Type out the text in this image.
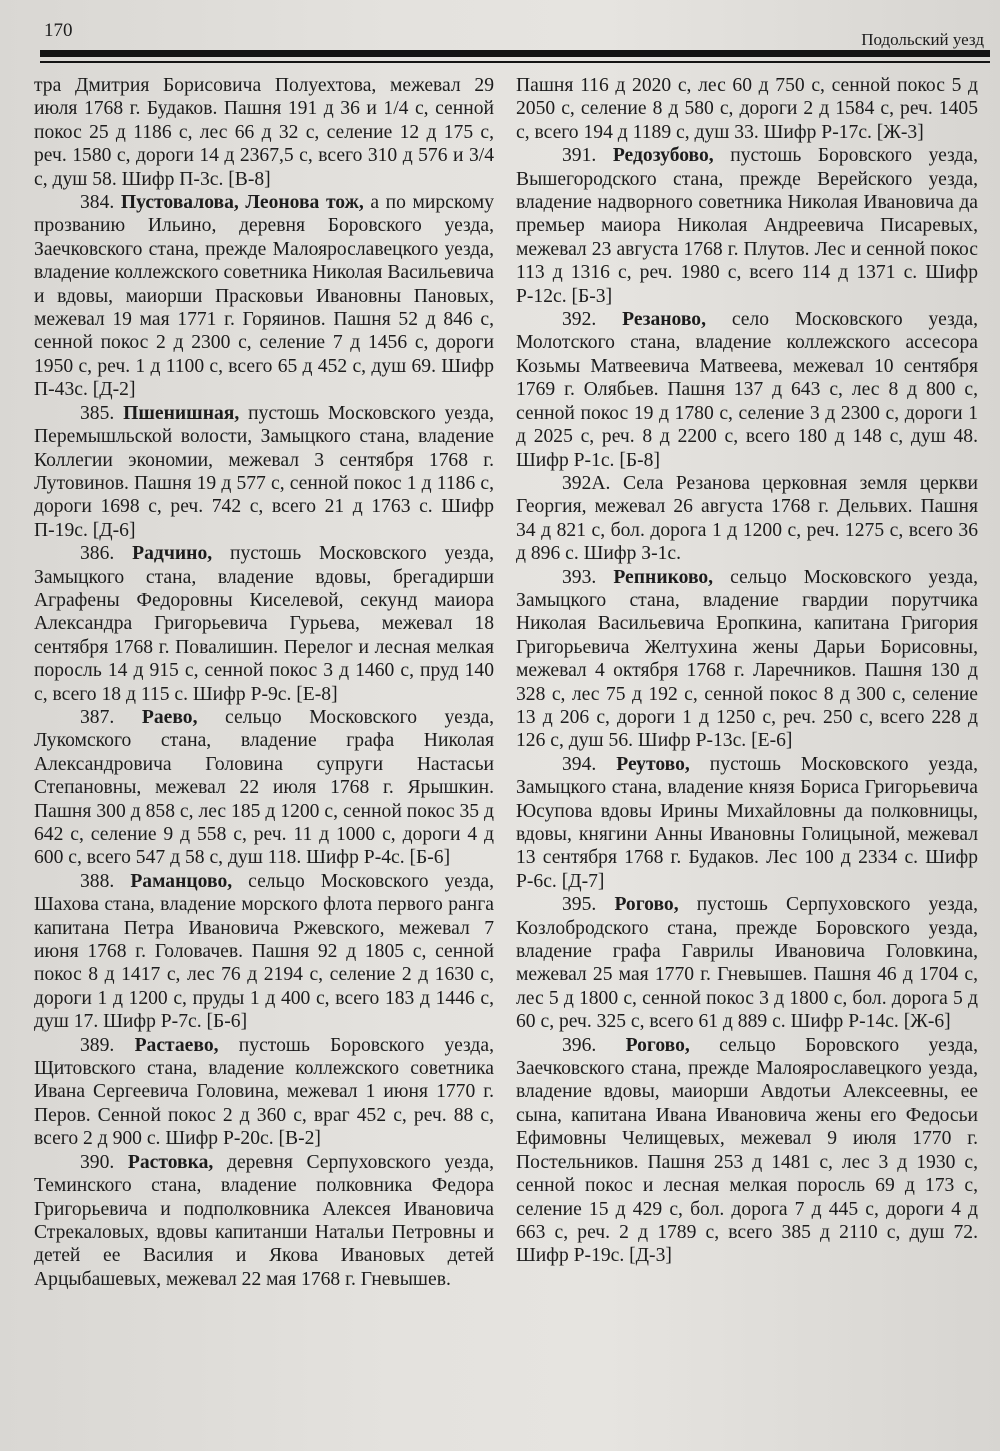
170	Подольский уезд

тра Дмитрия Борисовича Полуехтова, межевал 29 июля 1768 г. Будаков. Пашня 191 д 36 и 1/4 с, сенной покос 25 д 1186 с, лес 66 д 32 с, селение 12 д 175 с, реч. 1580 с, дороги 14 д 2367,5 с, всего 310 д 576 и 3/4 с, душ 58. Шифр П-3с. [В-8]

384. Пустовалова, Леонова тож, а по мирскому прозванию Ильино, деревня Боровского уезда, Заечковского стана, прежде Малоярославецкого уезда, владение коллежского советника Николая Васильевича и вдовы, маиорши Прасковьи Ивановны Пановых, межевал 19 мая 1771 г. Горяинов. Пашня 52 д 846 с, сенной покос 2 д 2300 с, селение 7 д 1456 с, дороги 1950 с, реч. 1 д 1100 с, всего 65 д 452 с, душ 69. Шифр П-43с. [Д-2]

385. Пшенишная, пустошь Московского уезда, Перемышльской волости, Замыцкого стана, владение Коллегии экономии, межевал 3 сентября 1768 г. Лутовинов. Пашня 19 д 577 с, сенной покос 1 д 1186 с, дороги 1698 с, реч. 742 с, всего 21 д 1763 с. Шифр П-19с. [Д-6]

386. Радчино, пустошь Московского уезда, Замыцкого стана, владение вдовы, брегадирши Аграфены Федоровны Киселевой, секунд маиора Александра Григорьевича Гурьева, межевал 18 сентября 1768 г. Повалишин. Перелог и лесная мелкая поросль 14 д 915 с, сенной покос 3 д 1460 с, пруд 140 с, всего 18 д 115 с. Шифр Р-9с. [Е-8]

387. Раево, сельцо Московского уезда, Лукомского стана, владение графа Николая Александровича Головина супруги Настасьи Степановны, межевал 22 июля 1768 г. Ярышкин. Пашня 300 д 858 с, лес 185 д 1200 с, сенной покос 35 д 642 с, селение 9 д 558 с, реч. 11 д 1000 с, дороги 4 д 600 с, всего 547 д 58 с, душ 118. Шифр Р-4с. [Б-6]

388. Раманцово, сельцо Московского уезда, Шахова стана, владение морского флота первого ранга капитана Петра Ивановича Ржевского, межевал 7 июня 1768 г. Головачев. Пашня 92 д 1805 с, сенной покос 8 д 1417 с, лес 76 д 2194 с, селение 2 д 1630 с, дороги 1 д 1200 с, пруды 1 д 400 с, всего 183 д 1446 с, душ 17. Шифр Р-7с. [Б-6]

389. Растаево, пустошь Боровского уезда, Щитовского стана, владение коллежского советника Ивана Сергеевича Головина, межевал 1 июня 1770 г. Перов. Сенной покос 2 д 360 с, враг 452 с, реч. 88 с, всего 2 д 900 с. Шифр Р-20с. [В-2]

390. Растовка, деревня Серпуховского уезда, Теминского стана, владение полковника Федора Григорьевича и подполковника Алексея Ивановича Стрекаловых, вдовы капитанши Натальи Петровны и детей ее Василия и Якова Ивановых детей Арцыбашевых, межевал 22 мая 1768 г. Гневышев.

Пашня 116 д 2020 с, лес 60 д 750 с, сенной покос 5 д 2050 с, селение 8 д 580 с, дороги 2 д 1584 с, реч. 1405 с, всего 194 д 1189 с, душ 33. Шифр Р-17с. [Ж-3]

391. Редозубово, пустошь Боровского уезда, Вышегородского стана, прежде Верейского уезда, владение надворного советника Николая Ивановича да премьер маиора Николая Андреевича Писаревых, межевал 23 августа 1768 г. Плутов. Лес и сенной покос 113 д 1316 с, реч. 1980 с, всего 114 д 1371 с. Шифр Р-12с. [Б-3]

392. Резаново, село Московского уезда, Молотского стана, владение коллежского ассесора Козьмы Матвеевича Матвеева, межевал 10 сентября 1769 г. Олябьев. Пашня 137 д 643 с, лес 8 д 800 с, сенной покос 19 д 1780 с, селение 3 д 2300 с, дороги 1 д 2025 с, реч. 8 д 2200 с, всего 180 д 148 с, душ 48. Шифр Р-1с. [Б-8]

392А. Села Резанова церковная земля церкви Георгия, межевал 26 августа 1768 г. Дельвих. Пашня 34 д 821 с, бол. дорога 1 д 1200 с, реч. 1275 с, всего 36 д 896 с. Шифр З-1с.

393. Репниково, сельцо Московского уезда, Замыцкого стана, владение гвардии порутчика Николая Васильевича Еропкина, капитана Григория Григорьевича Желтухина жены Дарьи Борисовны, межевал 4 октября 1768 г. Ларечников. Пашня 130 д 328 с, лес 75 д 192 с, сенной покос 8 д 300 с, селение 13 д 206 с, дороги 1 д 1250 с, реч. 250 с, всего 228 д 126 с, душ 56. Шифр Р-13с. [Е-6]

394. Реутово, пустошь Московского уезда, Замыцкого стана, владение князя Бориса Григорьевича Юсупова вдовы Ирины Михайловны да полковницы, вдовы, княгини Анны Ивановны Голицыной, межевал 13 сентября 1768 г. Будаков. Лес 100 д 2334 с. Шифр Р-6с. [Д-7]

395. Рогово, пустошь Серпуховского уезда, Козлобродского стана, прежде Боровского уезда, владение графа Гаврилы Ивановича Головкина, межевал 25 мая 1770 г. Гневышев. Пашня 46 д 1704 с, лес 5 д 1800 с, сенной покос 3 д 1800 с, бол. дорога 5 д 60 с, реч. 325 с, всего 61 д 889 с. Шифр Р-14с. [Ж-6]

396. Рогово, сельцо Боровского уезда, Заечковского стана, прежде Малоярославецкого уезда, владение вдовы, маиорши Авдотьи Алексеевны, ее сына, капитана Ивана Ивановича жены его Федосьи Ефимовны Челищевых, межевал 9 июля 1770 г. Постельников. Пашня 253 д 1481 с, лес 3 д 1930 с, сенной покос и лесная мелкая поросль 69 д 173 с, селение 15 д 429 с, бол. дорога 7 д 445 с, дороги 4 д 663 с, реч. 2 д 1789 с, всего 385 д 2110 с, душ 72. Шифр Р-19с. [Д-3]
